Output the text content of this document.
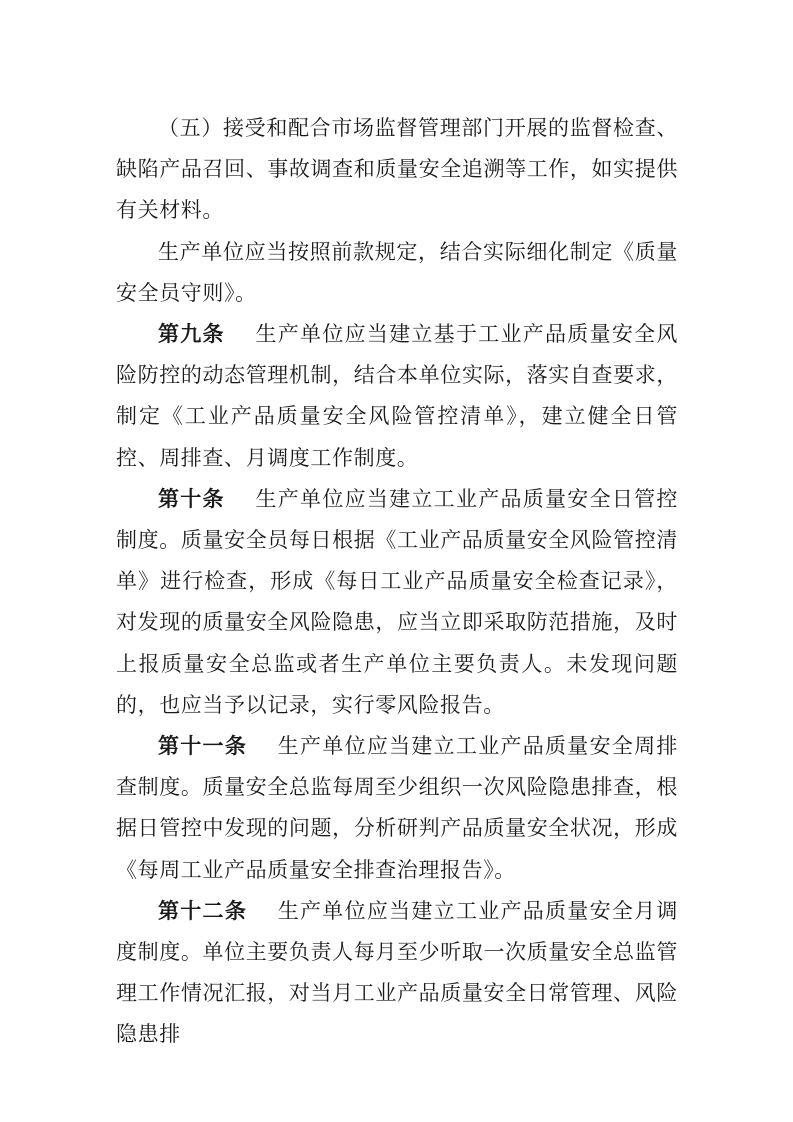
（五）接受和配合市场监督管理部门开展的监督检查、缺陷产品召回、事故调查和质量安全追溯等工作，如实提供有关材料。

生产单位应当按照前款规定，结合实际细化制定《质量安全员守则》。

第九条 生产单位应当建立基于工业产品质量安全风险防控的动态管理机制，结合本单位实际，落实自查要求，制定《工业产品质量安全风险管控清单》，建立健全日管控、周排查、月调度工作制度。

第十条 生产单位应当建立工业产品质量安全日管控制度。质量安全员每日根据《工业产品质量安全风险管控清单》进行检查，形成《每日工业产品质量安全检查记录》，对发现的质量安全风险隐患，应当立即采取防范措施，及时上报质量安全总监或者生产单位主要负责人。未发现问题的，也应当予以记录，实行零风险报告。

第十一条 生产单位应当建立工业产品质量安全周排查制度。质量安全总监每周至少组织一次风险隐患排查，根据日管控中发现的问题，分析研判产品质量安全状况，形成《每周工业产品质量安全排查治理报告》。

第十二条 生产单位应当建立工业产品质量安全月调度制度。单位主要负责人每月至少听取一次质量安全总监管理工作情况汇报，对当月工业产品质量安全日常管理、风险隐患排
